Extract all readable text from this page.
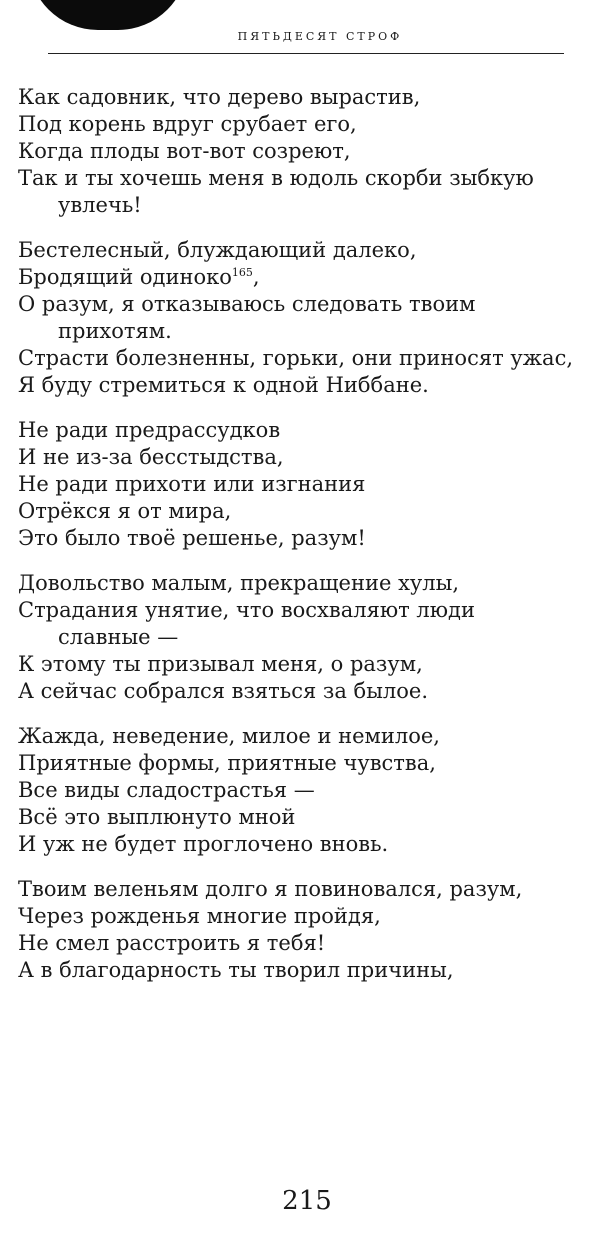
ПЯТЬДЕСЯТ СТРОФ
Как садовник, что дерево вырастив,
Под корень вдруг срубает его,
Когда плоды вот-вот созреют,
Так и ты хочешь меня в юдоль скорби зыбкую
увлечь!
Бестелесный, блуждающий далеко,
Бродящий одиноко$^{165}$,
О разум, я отказываюсь следовать твоим
прихотям.
Страсти болезненны, горьки, они приносят ужас,
Я буду стремиться к одной Ниббане.
Не ради предрассудков
И не из-за бесстыдства,
Не ради прихоти или изгнания
Отрёкся я от мира,
Это было твоё решенье, разум!
Довольство малым, прекращение хулы,
Страдания унятие, что восхваляют люди
славные —
К этому ты призывал меня, о разум,
А сейчас собрался взяться за былое.
Жажда, неведение, милое и немилое,
Приятные формы, приятные чувства,
Все виды сладострастья —
Всё это выплюнуто мной
И уж не будет проглочено вновь.
Твоим веленьям долго я повиновался, разум,
Через рожденья многие пройдя,
Не смел расстроить я тебя!
А в благодарность ты творил причины,
215
